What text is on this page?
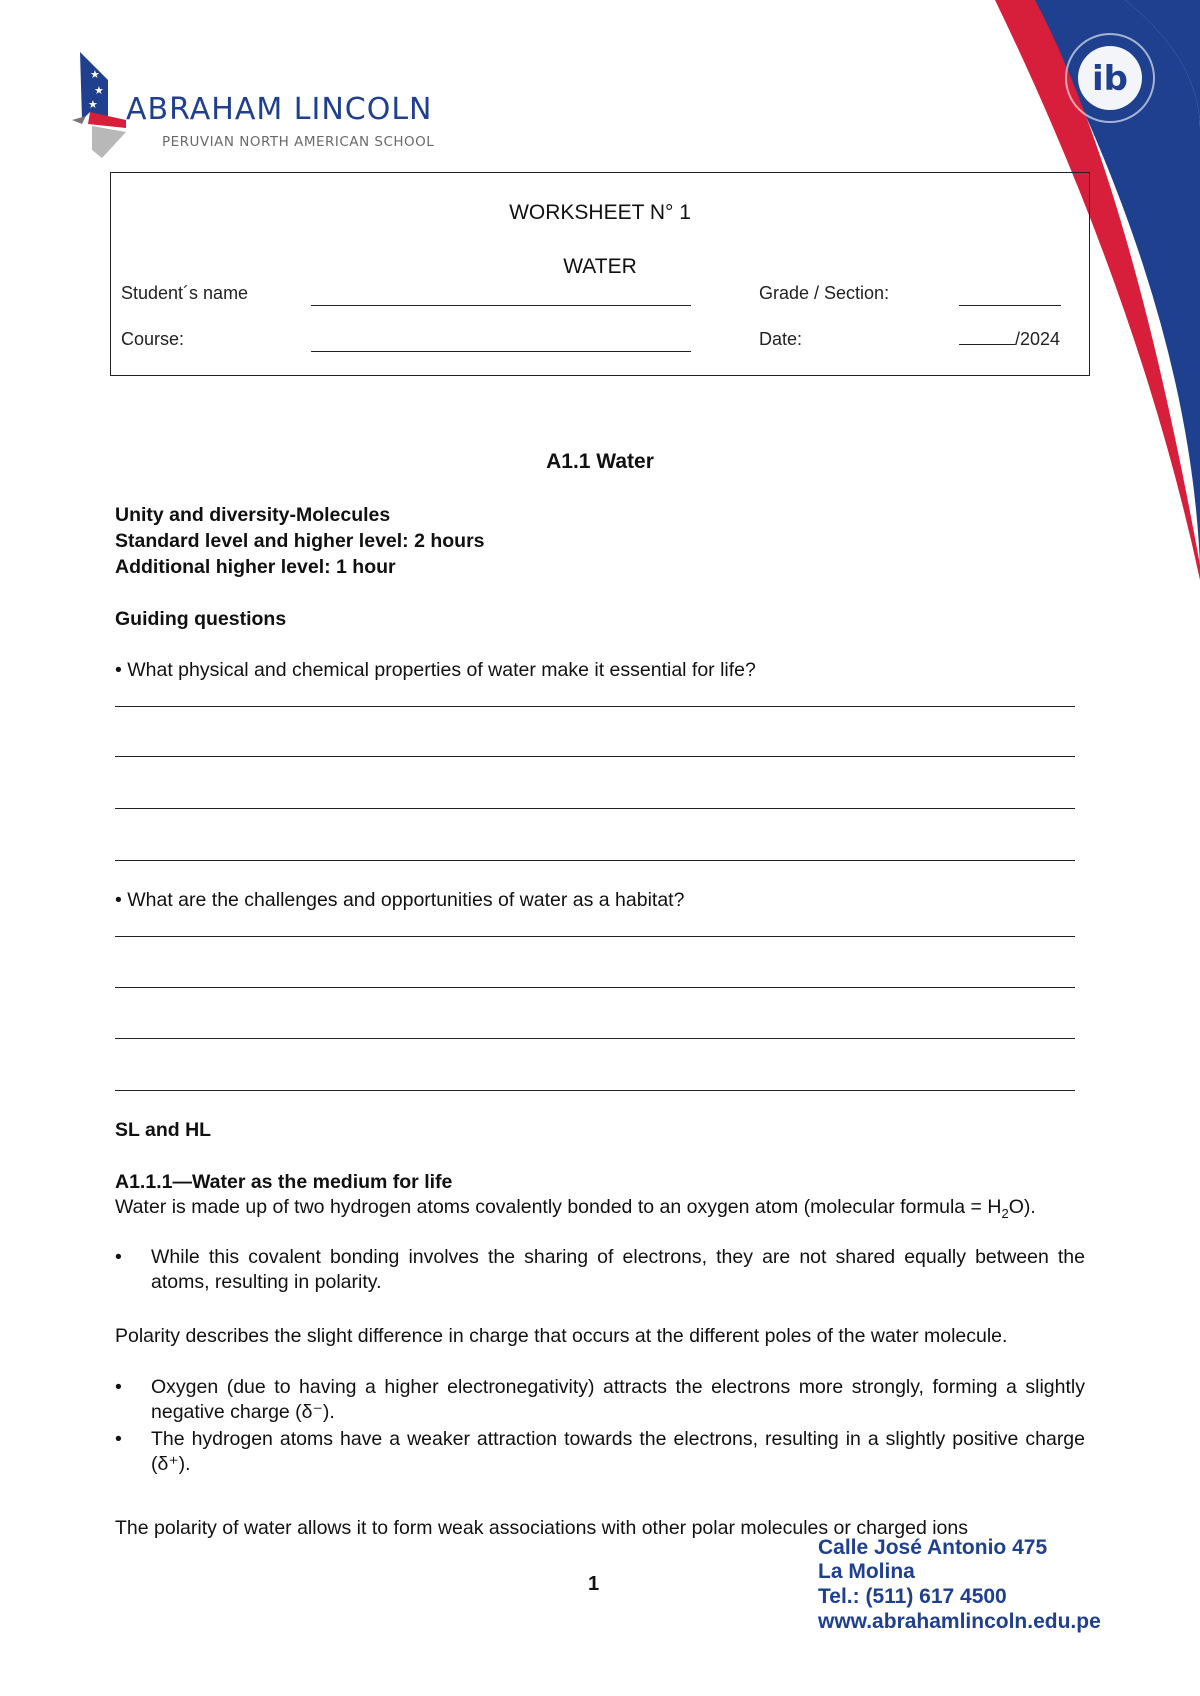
ib
★
★
★ ABRAHAM LINCOLN
PERUVIAN NORTH AMERICAN SCHOOL
WORKSHEET N° 1
WATER
Student´s name	Grade / Section:
Course:	Date:	/2024
A1.1 Water
Unity and diversity-Molecules
Standard level and higher level: 2 hours
Additional higher level: 1 hour
Guiding questions
• What physical and chemical properties of water make it essential for life?
• What are the challenges and opportunities of water as a habitat?
SL and HL
A1.1.1—Water as the medium for life
Water is made up of two hydrogen atoms covalently bonded to an oxygen atom (molecular formula = $H_2O$).
•	While this covalent bonding involves the sharing of electrons, they are not shared equally between the atoms, resulting in polarity.
Polarity describes the slight difference in charge that occurs at the different poles of the water molecule.
•	Oxygen (due to having a higher electronegativity) attracts the electrons more strongly, forming a slightly negative charge (δ⁻).
•	The hydrogen atoms have a weaker attraction towards the electrons, resulting in a slightly positive charge (δ⁺).
The polarity of water allows it to form weak associations with other polar molecules or charged ions
1
Calle José Antonio 475
La Molina
Tel.: (511) 617 4500
www.abrahamlincoln.edu.pe
